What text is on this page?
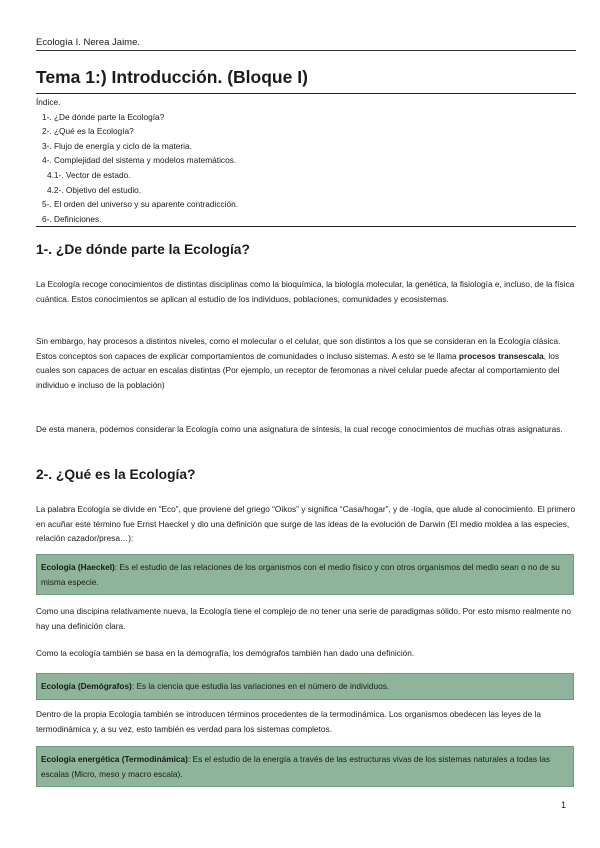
Ecología I. Nerea Jaime.
Tema 1:) Introducción. (Bloque I)
Índice.
1-. ¿De dónde parte la Ecología?
2-. ¿Qué es la Ecología?
3-. Flujo de energía y ciclo de la materia.
4-. Complejidad del sistema y modelos matemáticos.
4.1-. Vector de estado.
4.2-. Objetivo del estudio.
5-. El orden del universo y su aparente contradicción.
6-. Definiciones.
1-. ¿De dónde parte la Ecología?

La Ecología recoge conocimientos de distintas disciplinas como la bioquímica, la biología molecular, la genética, la fisiología e, incluso, de la física cuántica. Estos conocimientos se aplican al estudio de los individuos, poblaciones, comunidades y ecosistemas.

Sin embargo, hay procesos a distintos niveles, como el molecular o el celular, que son distintos a los que se consideran en la Ecología clásica. Estos conceptos son capaces de explicar comportamientos de comunidades o incluso sistemas. A esto se le llama procesos transescala, los cuales son capaces de actuar en escalas distintas (Por ejemplo, un receptor de feromonas a nivel celular puede afectar al comportamiento del individuo e incluso de la población)

De esta manera, podemos considerar la Ecología como una asignatura de síntesis, la cual recoge conocimientos de muchas otras asignaturas.

2-. ¿Qué es la Ecología?

La palabra Ecología se divide en “Eco”, que proviene del griego “Oikos” y significa “Casa/hogar”, y de -logía, que alude al conocimiento. El primero en acuñar este término fue Ernst Haeckel y dio una definición que surge de las ideas de la evolución de Darwin (El medio moldea a las especies, relación cazador/presa…):

Ecología (Haeckel): Es el estudio de las relaciones de los organismos con el medio físico y con otros organismos del medio sean o no de su misma especie.

Como una discipina relativamente nueva, la Ecología tiene el complejo de no tener una serie de paradigmas sólido. Por esto mismo realmente no hay una definición clara.

Como la ecología también se basa en la demografía, los demógrafos también han dado una definición.

Ecología (Demógrafos): Es la ciencia que estudia las variaciones en el número de individuos.

Dentro de la propia Ecología también se introducen términos procedentes de la termodinámica. Los organismos obedecen las leyes de la termodinámica y, a su vez, esto también es verdad para los sistemas completos.

Ecología energética (Termodinámica): Es el estudio de la energía a través de las estructuras vivas de los sistemas naturales a todas las escalas (Micro, meso y macro escala).
1
